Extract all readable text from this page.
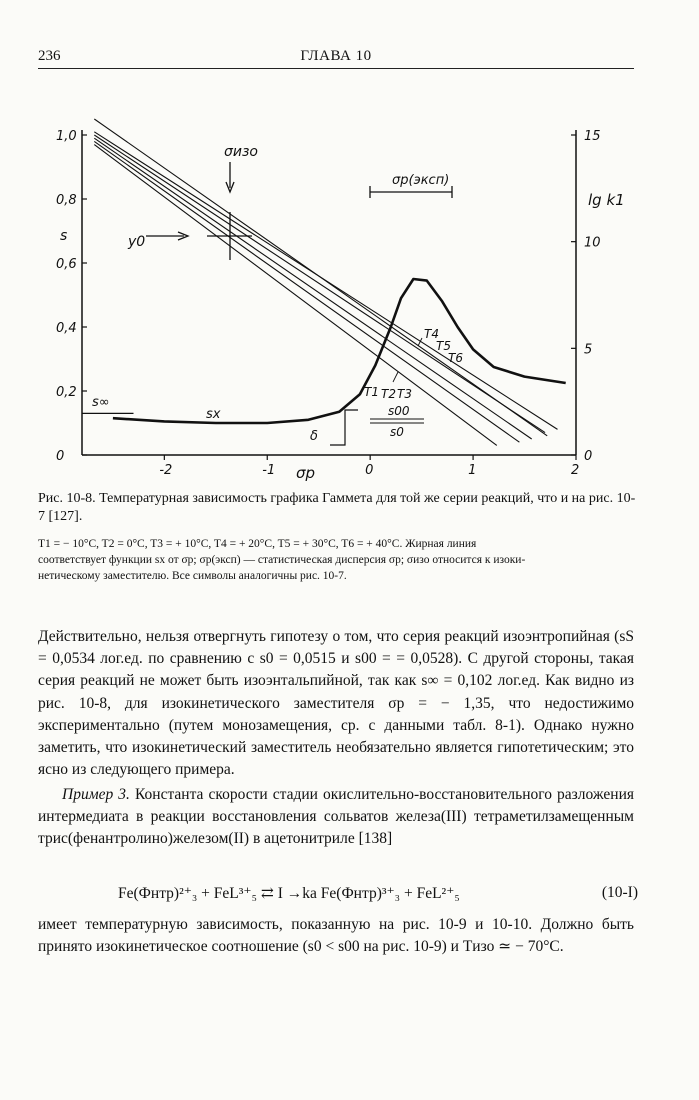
236	ГЛАВА 10
-2	-1	0	1	2
0
0,2
0,4
0,6
0,8
1,0
0
5
10
15
σp
s
lg k1
σизо
y0
σр(эксп)
s∞
sx
δ
s00
s0
T1 T2 T3
T4
T5
T6
Рис. 10-8. Температурная зависимость графика Гаммета для той же серии реакций, что и на рис. 10-7 [127].
T1 = − 10°C, T2 = 0°C, T3 = + 10°C, T4 = + 20°C, T5 = + 30°C, T6 = + 40°C. Жирная линия
соответствует функции sx от σр; σр(эксп) — статистическая дисперсия σр; σизо относится к изоки-
нетическому заместителю. Все символы аналогичны рис. 10-7.
Действительно, нельзя отвергнуть гипотезу о том, что серия реакций изоэнтропийная (sS = 0,0534 лог.ед. по сравнению с s0 = 0,0515 и s00 = = 0,0528). С другой стороны, такая серия реакций не может быть изоэнтальпийной, так как s∞ = 0,102 лог.ед. Как видно из рис. 10-8, для изокинетического заместителя σр = − 1,35, что недостижимо экспериментально (путем монозамещения, ср. с данными табл. 8-1). Однако нужно заметить, что изокинетический заместитель необязательно является гипотетическим; это ясно из следующего примера.
Пример 3. Константа скорости стадии окислительно-восстановительного разложения интермедиата в реакции восстановления сольватов железа(III) тетраметилзамещенным трис(фенантролино)железом(II) в ацетонитриле [138]
Fe(Фнтр)²⁺₃ + FeL³⁺₅ ⇄ I →ka Fe(Фнтр)³⁺₃ + FeL²⁺₅	(10-I)
имеет температурную зависимость, показанную на рис. 10-9 и 10-10. Должно быть принято изокинетическое соотношение (s0 < s00 на рис. 10-9) и Tизо ≃ − 70°C.
